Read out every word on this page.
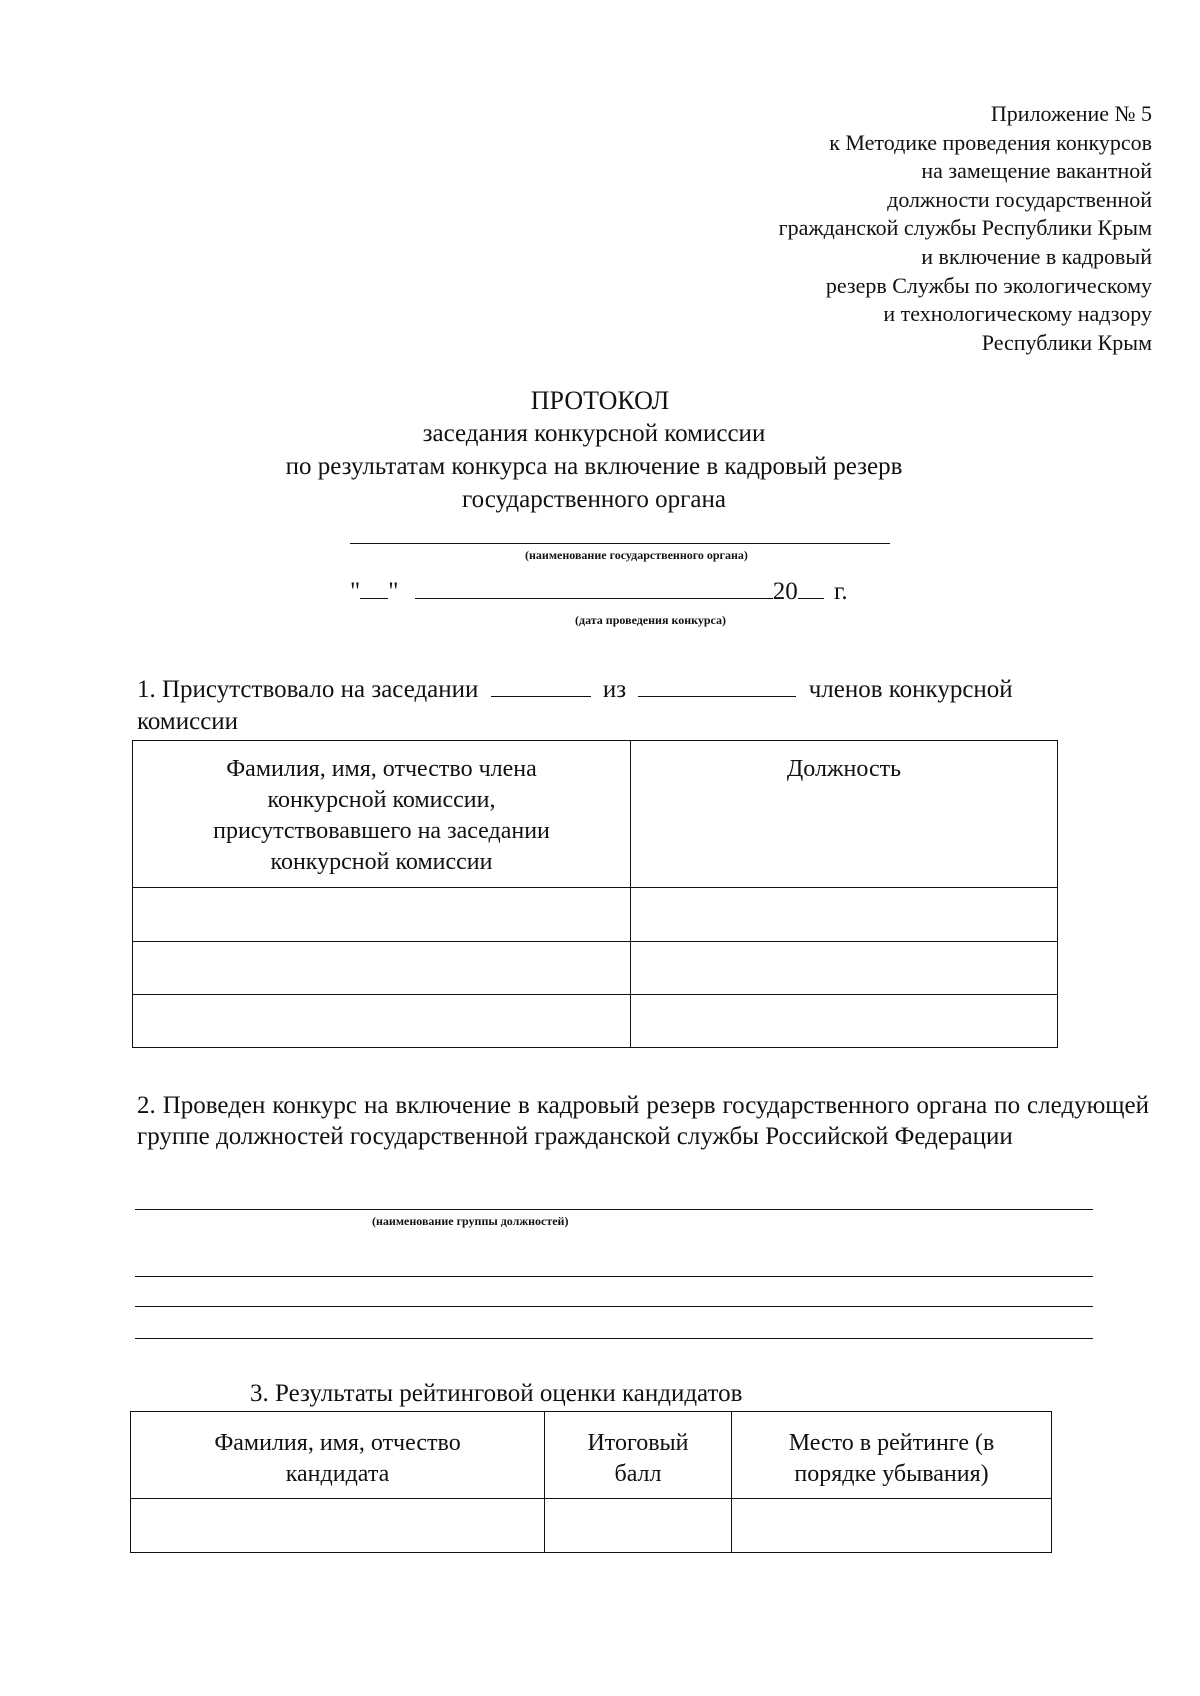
Приложение № 5
к Методике проведения конкурсов
на замещение вакантной
должности государственной
гражданской службы Республики Крым
и включение в кадровый
резерв Службы по экологическому
и технологическому надзору
Республики Крым
ПРОТОКОЛ
заседания конкурсной комиссии
по результатам конкурса на включение в кадровый резерв
государственного органа
(наименование государственного органа)
" "	20 г.
(дата проведения конкурса)
1. Присутствовало на заседании	из	членов конкурсной
комиссии
Фамилия, имя, отчество члена конкурсной комиссии, присутствовавшего на заседании конкурсной комиссии	Должность

2. Проведен конкурс на включение в кадровый резерв государственного органа по следующей группе должностей государственной гражданской службы Российской Федерации
(наименование группы должностей)
3. Результаты рейтинговой оценки кандидатов
Фамилия, имя, отчество кандидата	Итоговый балл	Место в рейтинге (в порядке убывания)
